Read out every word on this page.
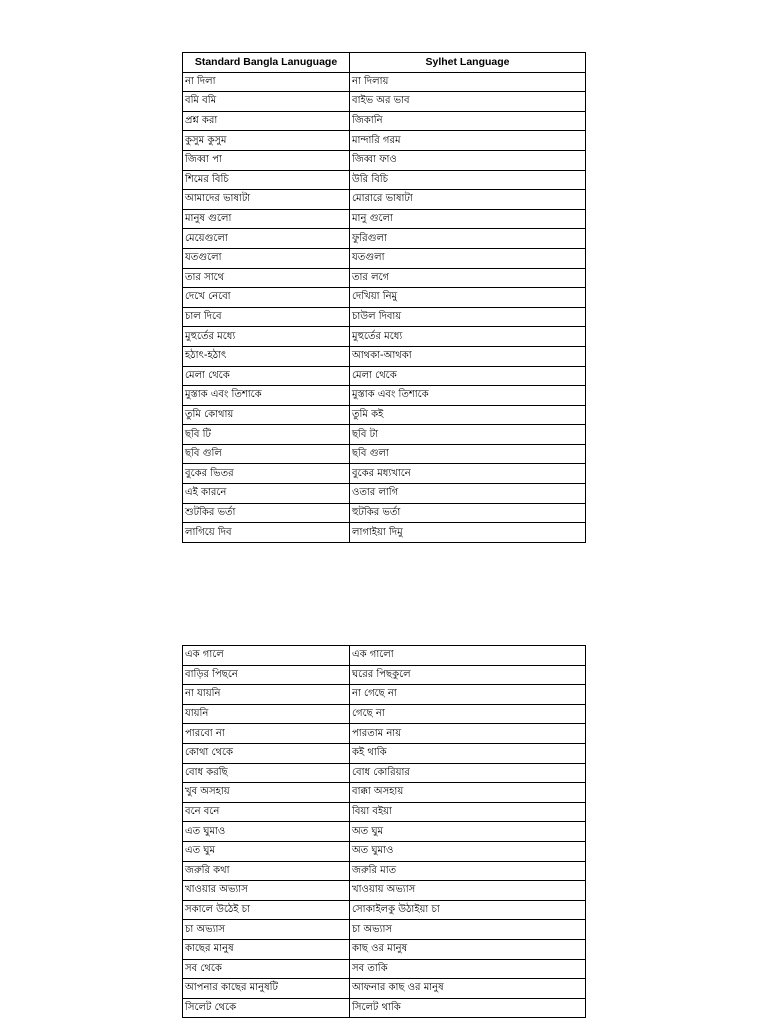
Standard Bangla Lanuguage	Sylhet Language
না দিলা	না দিলায়
বমি বমি	বাইভ অর ভাব
প্রশ্ন করা	জিকানি
কুসুম কুসুম	মান্দারি গরম
জিব্বা পা	জিব্বা ফাও
শিমের বিচি	উরি বিচি
আমাদের ভাষাটা	মোরারে ভাষাটা
মানুষ গুলো	মানু গুলো
মেয়েগুলো	ফুরিগুলা
যতগুলো	যতগুলা
তার সাথে	তার লগে
দেখে নেবো	দেখিয়া নিমু
চাল দিবে	চাউল দিবায়
মুহুর্তের মধ্যে	মুহুর্তের মধ্যে
হঠাৎ-হঠাৎ	আথকা-আথকা
মেলা থেকে	মেলা থেকে
মুস্তাক এবং তিশাকে	মুস্তাক এবং তিশাকে
তুমি কোথায়	তুমি কই
ছবি টি	ছবি টা
ছবি গুলি	ছবি গুলা
বুকের ভিতর	বুকের মধ্যখানে
এই কারনে	ওতার লাগি
শুটকির ভর্তা	হুটকির ভর্তা
লাগিয়ে দিব	লাগাইয়া দিমু
এক গালে	এক গালো
বাড়ির পিছনে	ঘরের পিছকুলে
না যায়নি	না গেছে না
যায়নি	গেছে না
পারবো না	পারতাম নায়
কোথা থেকে	কই থাকি
বোধ করছি	বোধ কোরিয়ার
খুব অসহায়	বাক্কা অসহায়
বনে বনে	বিয়া বইয়া
এত ঘুমাও	অত ঘুম
এত ঘুম	অত ঘুমাও
জরুরি কথা	জরুরি মাত
খাওয়ার অভ্যাস	খাওয়ায় অভ্যাস
সকালে উঠেই চা	সোকাইলকু উঠাইয়া চা
চা অভ্যাস	চা অভ্যাস
কাছের মানুষ	কাছ ওর মানুষ
সব থেকে	সব তাকি
আপনার কাছের মানুষটি	আফনার কাছ ওর মানুষ
সিলেট থেকে	সিলেট থাকি
